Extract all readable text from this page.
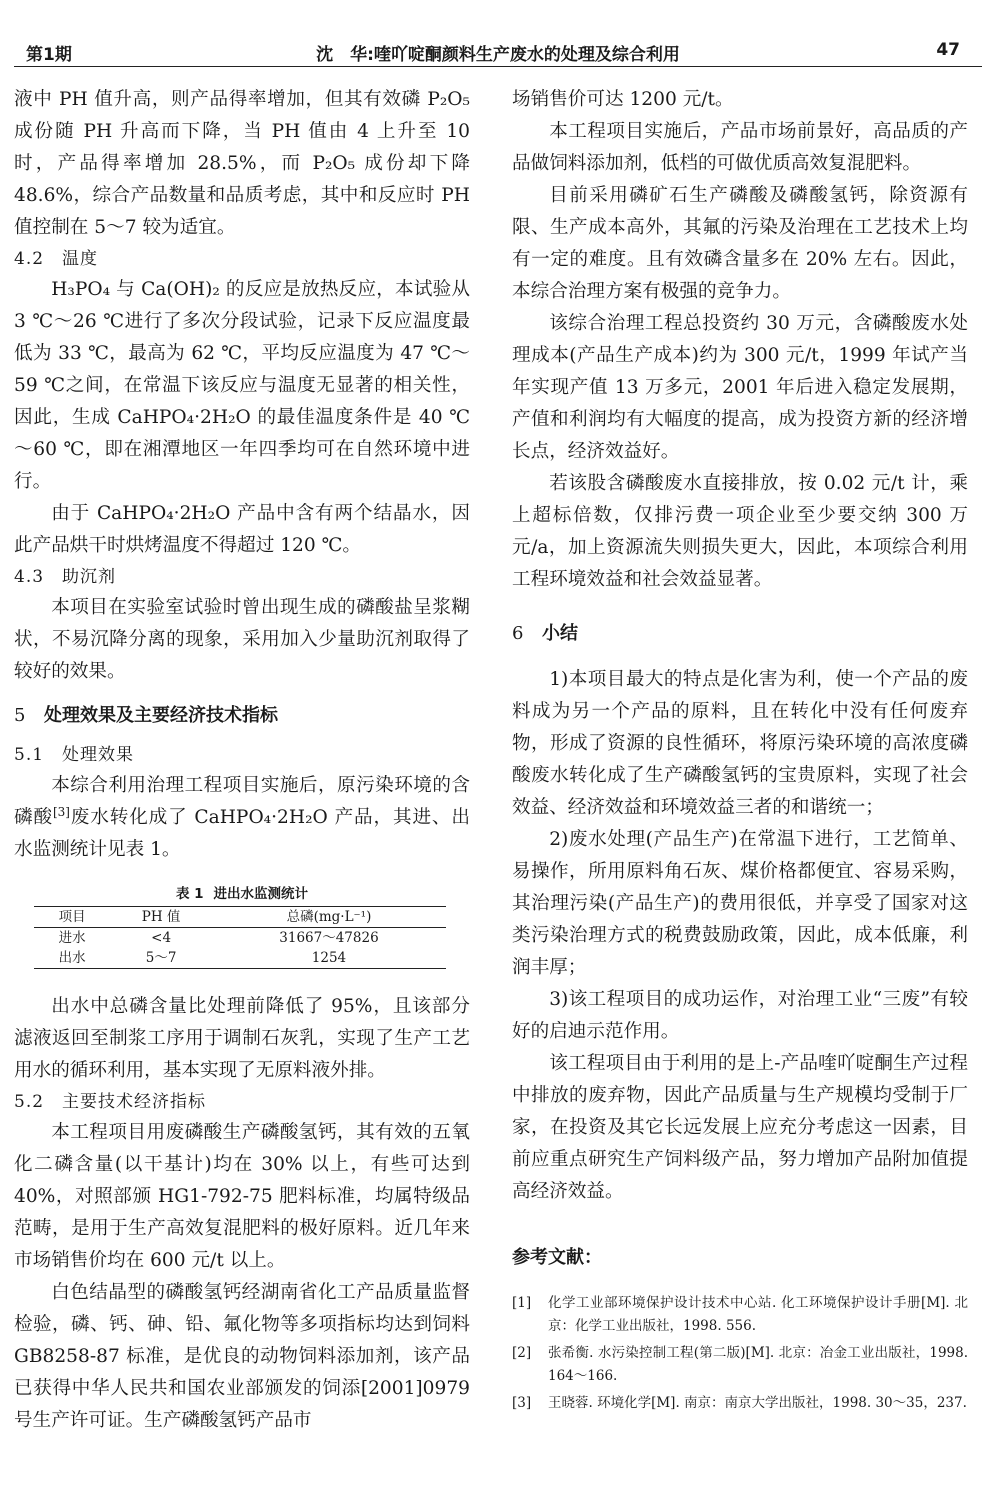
第1期	沈　华:喹吖啶酮颜料生产废水的处理及综合利用	47

液中 PH 值升高，则产品得率增加，但其有效磷 P₂O₅ 成份随 PH 升高而下降，当 PH 值由 4 上升至 10 时，产品得率增加 28.5%，而 P₂O₅ 成份却下降 48.6%，综合产品数量和品质考虑，其中和反应时 PH 值控制在 5～7 较为适宜。

4.2 温度

H₃PO₄ 与 Ca(OH)₂ 的反应是放热反应，本试验从 3 ℃～26 ℃进行了多次分段试验，记录下反应温度最低为 33 ℃，最高为 62 ℃，平均反应温度为 47 ℃～59 ℃之间，在常温下该反应与温度无显著的相关性，因此，生成 CaHPO₄·2H₂O 的最佳温度条件是 40 ℃～60 ℃，即在湘潭地区一年四季均可在自然环境中进行。

由于 CaHPO₄·2H₂O 产品中含有两个结晶水，因此产品烘干时烘烤温度不得超过 120 ℃。

4.3 助沉剂

本项目在实验室试验时曾出现生成的磷酸盐呈浆糊状，不易沉降分离的现象，采用加入少量助沉剂取得了较好的效果。

5 处理效果及主要经济技术指标
5.1 处理效果

本综合利用治理工程项目实施后，原污染环境的含磷酸[3]废水转化成了 CaHPO₄·2H₂O 产品，其进、出水监测统计见表 1。

表 1 进出水监测统计
项目	PH 值	总磷(mg·L⁻¹)
进水	<4	31667～47826
出水	5～7	1254

出水中总磷含量比处理前降低了 95%，且该部分滤液返回至制浆工序用于调制石灰乳，实现了生产工艺用水的循环利用，基本实现了无原料液外排。

5.2 主要技术经济指标

本工程项目用废磷酸生产磷酸氢钙，其有效的五氧化二磷含量(以干基计)均在 30% 以上，有些可达到 40%，对照部颁 HG1-792-75 肥料标准，均属特级品范畴，是用于生产高效复混肥料的极好原料。近几年来市场销售价均在 600 元/t 以上。

白色结晶型的磷酸氢钙经湖南省化工产品质量监督检验，磷、钙、砷、铅、氟化物等多项指标均达到饲料 GB8258-87 标准，是优良的动物饲料添加剂，该产品已获得中华人民共和国农业部颁发的饲添[2001]0979 号生产许可证。生产磷酸氢钙产品市

场销售价可达 1200 元/t。

本工程项目实施后，产品市场前景好，高品质的产品做饲料添加剂，低档的可做优质高效复混肥料。

目前采用磷矿石生产磷酸及磷酸氢钙，除资源有限、生产成本高外，其氟的污染及治理在工艺技术上均有一定的难度。且有效磷含量多在 20% 左右。因此，本综合治理方案有极强的竞争力。

该综合治理工程总投资约 30 万元，含磷酸废水处理成本(产品生产成本)约为 300 元/t，1999 年试产当年实现产值 13 万多元，2001 年后进入稳定发展期，产值和利润均有大幅度的提高，成为投资方新的经济增长点，经济效益好。

若该股含磷酸废水直接排放，按 0.02 元/t 计，乘上超标倍数，仅排污费一项企业至少要交纳 300 万元/a，加上资源流失则损失更大，因此，本项综合利用工程环境效益和社会效益显著。

6 小结

1)本项目最大的特点是化害为利，使一个产品的废料成为另一个产品的原料，且在转化中没有任何废弃物，形成了资源的良性循环，将原污染环境的高浓度磷酸废水转化成了生产磷酸氢钙的宝贵原料，实现了社会效益、经济效益和环境效益三者的和谐统一；

2)废水处理(产品生产)在常温下进行，工艺简单、易操作，所用原料角石灰、煤价格都便宜、容易采购，其治理污染(产品生产)的费用很低，并享受了国家对这类污染治理方式的税费鼓励政策，因此，成本低廉，利润丰厚；

3)该工程项目的成功运作，对治理工业“三废”有较好的启迪示范作用。

该工程项目由于利用的是上-产品喹吖啶酮生产过程中排放的废弃物，因此产品质量与生产规模均受制于厂家，在投资及其它长远发展上应充分考虑这一因素，目前应重点研究生产饲料级产品，努力增加产品附加值提高经济效益。

参考文献：
[1] 化学工业部环境保护设计技术中心站. 化工环境保护设计手册[M]. 北京：化学工业出版社，1998. 556.
[2] 张希衡. 水污染控制工程(第二版)[M]. 北京：冶金工业出版社，1998. 164～166.
[3] 王晓蓉. 环境化学[M]. 南京：南京大学出版社，1998. 30～35，237.
